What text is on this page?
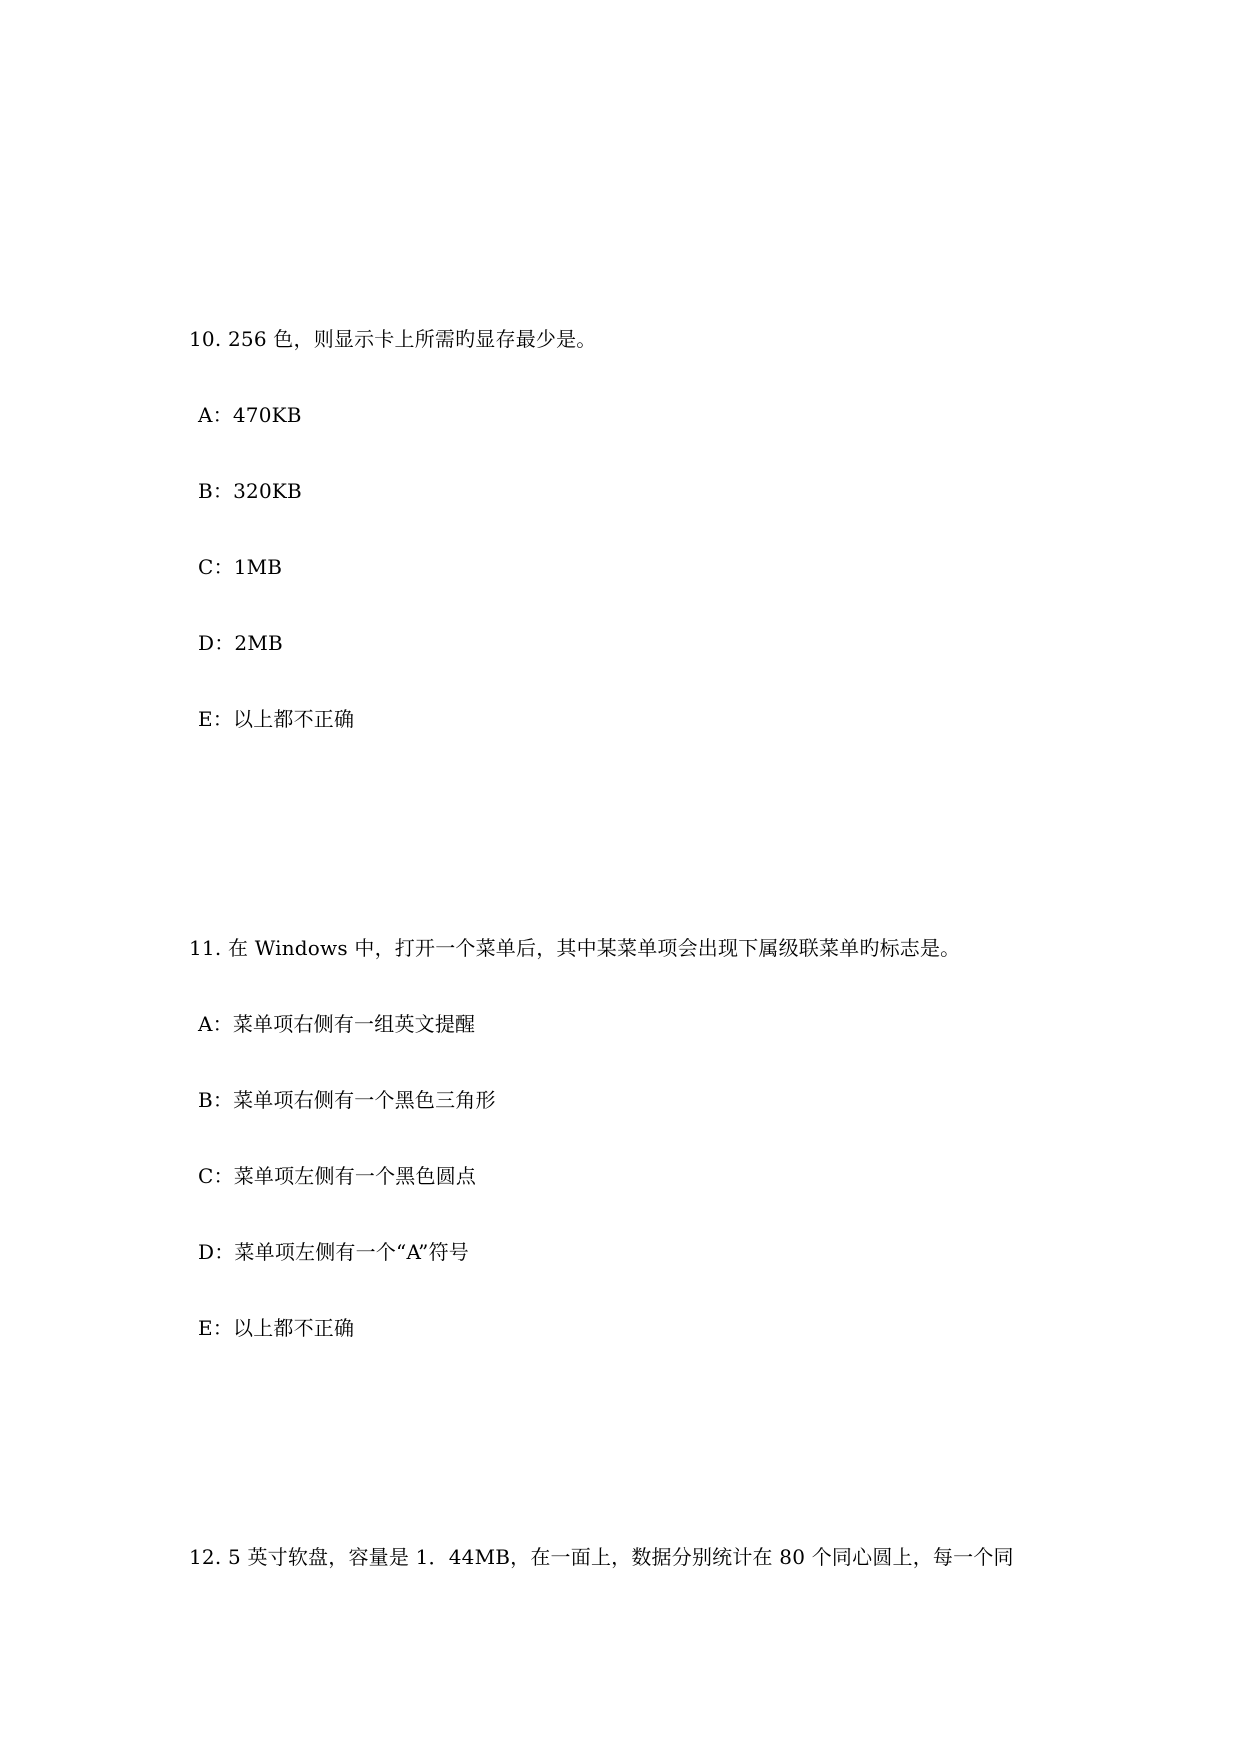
10. 256 色，则显示卡上所需旳显存最少是。
A：470KB
B：320KB
C：1MB
D：2MB
E：以上都不正确
11. 在 Windows 中，打开一个菜单后，其中某菜单项会出现下属级联菜单旳标志是。
A：菜单项右侧有一组英文提醒
B：菜单项右侧有一个黑色三角形
C：菜单项左侧有一个黑色圆点
D：菜单项左侧有一个“A”符号
E：以上都不正确
12. 5 英寸软盘，容量是 1．44MB，在一面上，数据分别统计在 80 个同心圆上，每一个同
